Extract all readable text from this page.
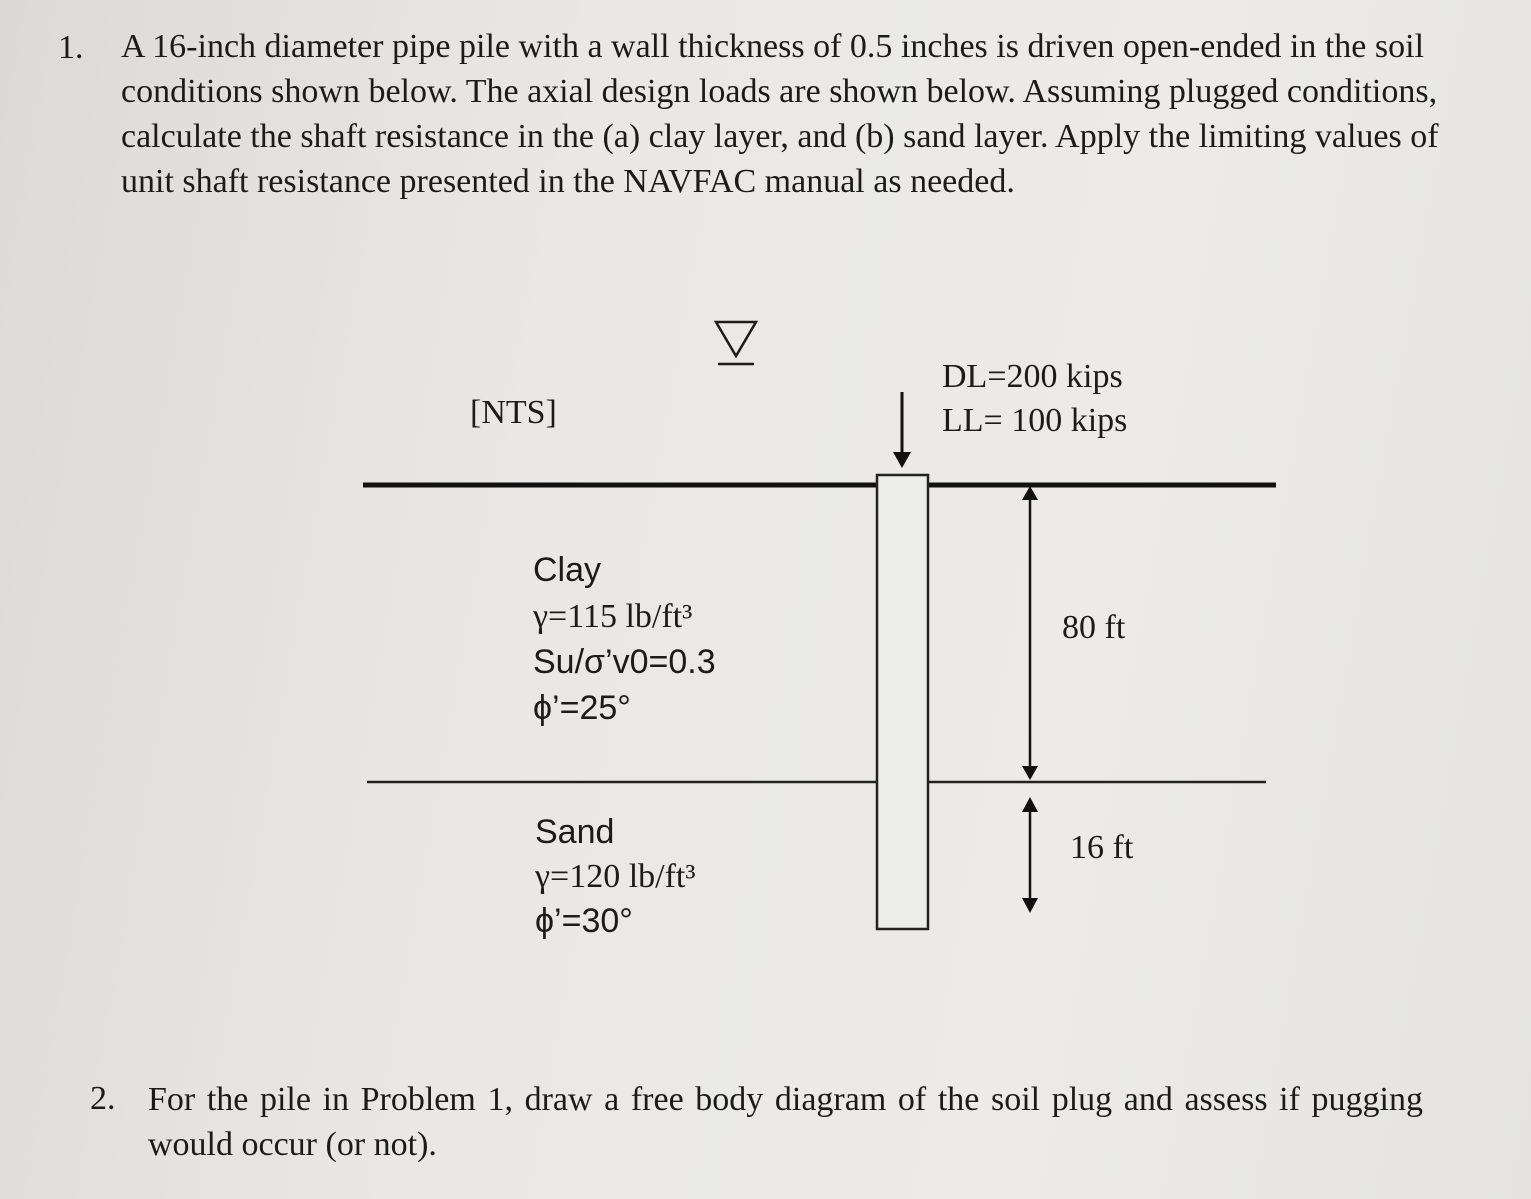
1. A 16-inch diameter pipe pile with a wall thickness of 0.5 inches is driven open-ended in the soil conditions shown below. The axial design loads are shown below. Assuming plugged conditions, calculate the shaft resistance in the (a) clay layer, and (b) sand layer. Apply the limiting values of unit shaft resistance presented in the NAVFAC manual as needed.

[NTS]
DL=200 kips
LL= 100 kips
Clay
γ=115 lb/ft³
Su/σ’v0=0.3
ϕ’=25°
Sand
γ=120 lb/ft³
ϕ’=30°
80 ft
16 ft
2. For the pile in Problem 1, draw a free body diagram of the soil plug and assess if pugging would occur (or not).
